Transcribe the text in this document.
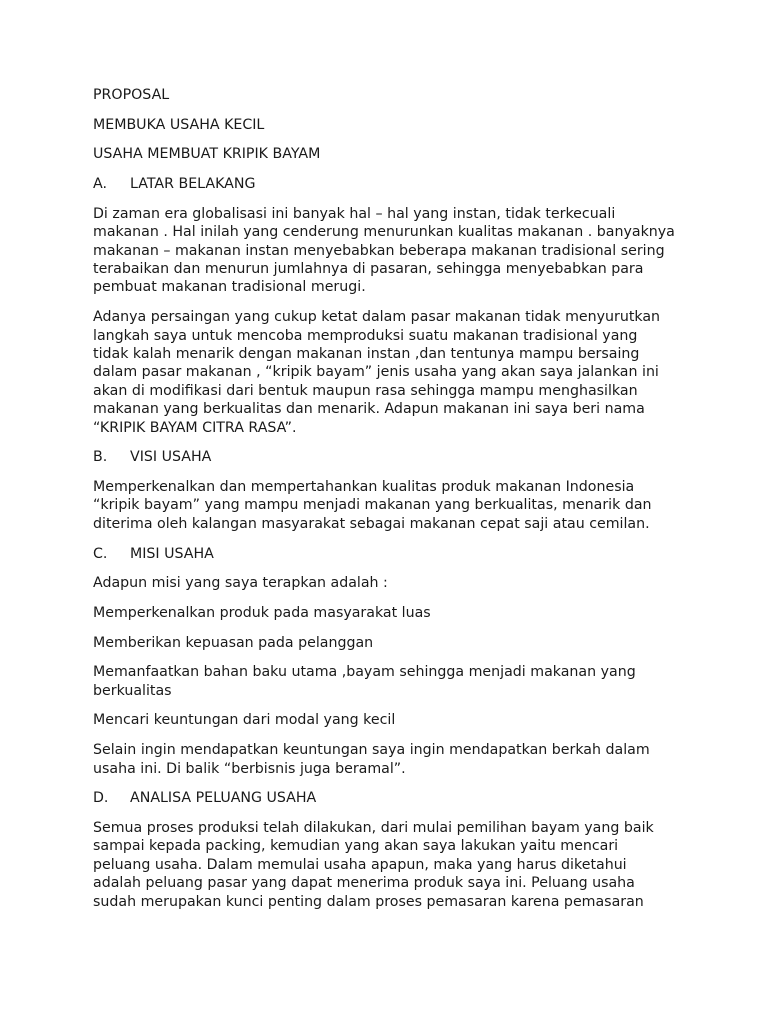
PROPOSAL
MEMBUKA USAHA KECIL
USAHA MEMBUAT KRIPIK BAYAM
A. LATAR BELAKANG
Di zaman era globalisasi ini banyak hal – hal yang instan, tidak terkecuali
makanan . Hal inilah yang cenderung menurunkan kualitas makanan . banyaknya
makanan – makanan instan menyebabkan beberapa makanan tradisional sering
terabaikan dan menurun jumlahnya di pasaran, sehingga menyebabkan para
pembuat makanan tradisional merugi.
Adanya persaingan yang cukup ketat dalam pasar makanan tidak menyurutkan
langkah saya untuk mencoba memproduksi suatu makanan tradisional yang
tidak kalah menarik dengan makanan instan ,dan tentunya mampu bersaing
dalam pasar makanan , “kripik bayam” jenis usaha yang akan saya jalankan ini
akan di modifikasi dari bentuk maupun rasa sehingga mampu menghasilkan
makanan yang berkualitas dan menarik. Adapun makanan ini saya beri nama
“KRIPIK BAYAM CITRA RASA”.
B. VISI USAHA
Memperkenalkan dan mempertahankan kualitas produk makanan Indonesia
“kripik bayam” yang mampu menjadi makanan yang berkualitas, menarik dan
diterima oleh kalangan masyarakat sebagai makanan cepat saji atau cemilan.
C. MISI USAHA
Adapun misi yang saya terapkan adalah :
Memperkenalkan produk pada masyarakat luas
Memberikan kepuasan pada pelanggan
Memanfaatkan bahan baku utama ,bayam sehingga menjadi makanan yang
berkualitas
Mencari keuntungan dari modal yang kecil
Selain ingin mendapatkan keuntungan saya ingin mendapatkan berkah dalam
usaha ini. Di balik “berbisnis juga beramal”.
D. ANALISA PELUANG USAHA
Semua proses produksi telah dilakukan, dari mulai pemilihan bayam yang baik
sampai kepada packing, kemudian yang akan saya lakukan yaitu mencari
peluang usaha. Dalam memulai usaha apapun, maka yang harus diketahui
adalah peluang pasar yang dapat menerima produk saya ini. Peluang usaha
sudah merupakan kunci penting dalam proses pemasaran karena pemasaran
